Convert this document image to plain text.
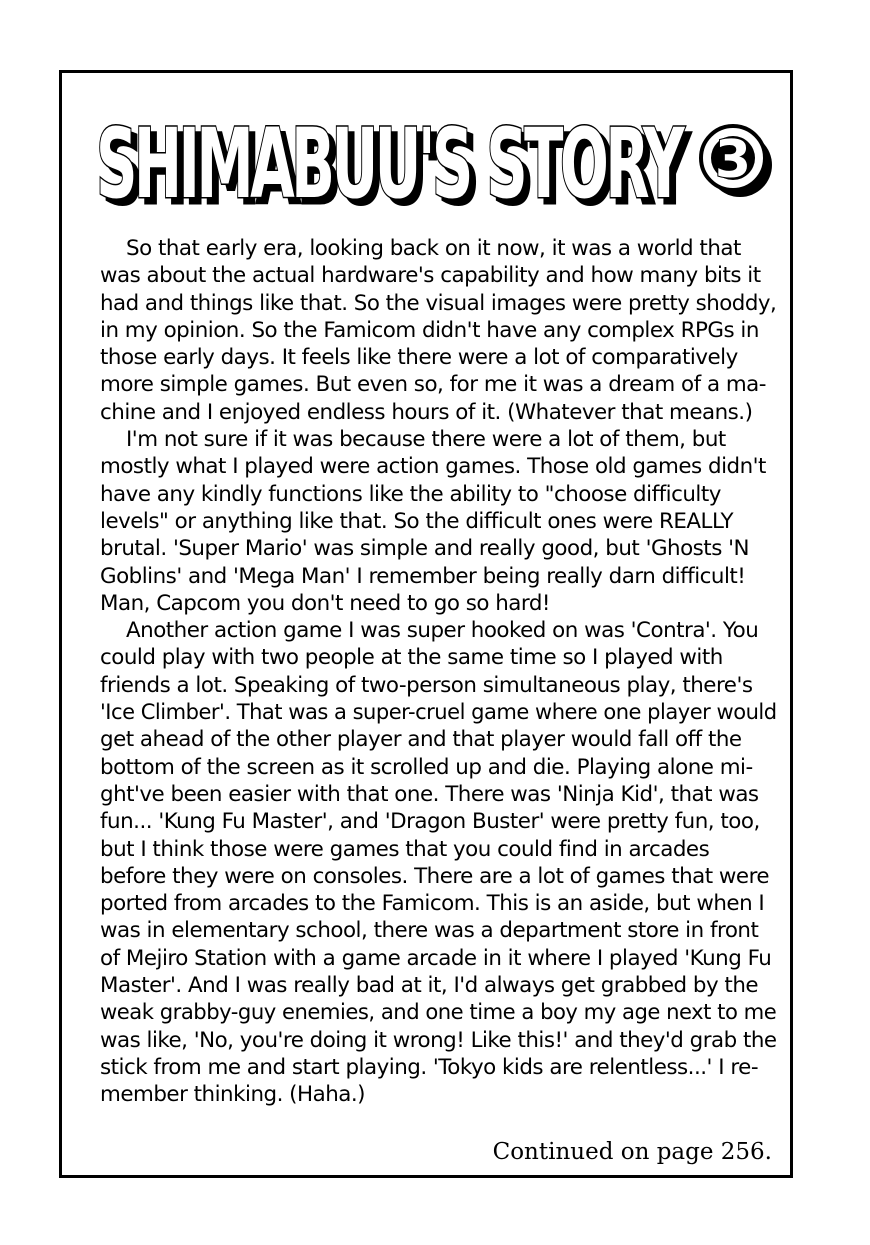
SHIMABUU'S STORY
SHIMABUU'S STORY 3
So that early era, looking back on it now, it was a world that
was about the actual hardware's capability and how many bits it
had and things like that. So the visual images were pretty shoddy,
in my opinion. So the Famicom didn't have any complex RPGs in
those early days. It feels like there were a lot of comparatively
more simple games. But even so, for me it was a dream of a ma-
chine and I enjoyed endless hours of it. (Whatever that means.)
I'm not sure if it was because there were a lot of them, but
mostly what I played were action games. Those old games didn't
have any kindly functions like the ability to "choose difficulty
levels" or anything like that. So the difficult ones were REALLY
brutal. 'Super Mario' was simple and really good, but 'Ghosts 'N
Goblins' and 'Mega Man' I remember being really darn difficult!
Man, Capcom you don't need to go so hard!
Another action game I was super hooked on was 'Contra'. You
could play with two people at the same time so I played with
friends a lot. Speaking of two-person simultaneous play, there's
'Ice Climber'. That was a super-cruel game where one player would
get ahead of the other player and that player would fall off the
bottom of the screen as it scrolled up and die. Playing alone mi-
ght've been easier with that one. There was 'Ninja Kid', that was
fun... 'Kung Fu Master', and 'Dragon Buster' were pretty fun, too,
but I think those were games that you could find in arcades
before they were on consoles. There are a lot of games that were
ported from arcades to the Famicom. This is an aside, but when I
was in elementary school, there was a department store in front
of Mejiro Station with a game arcade in it where I played 'Kung Fu
Master'. And I was really bad at it, I'd always get grabbed by the
weak grabby-guy enemies, and one time a boy my age next to me
was like, 'No, you're doing it wrong! Like this!' and they'd grab the
stick from me and start playing. 'Tokyo kids are relentless...' I re-
member thinking. (Haha.)
Continued on page 256.
